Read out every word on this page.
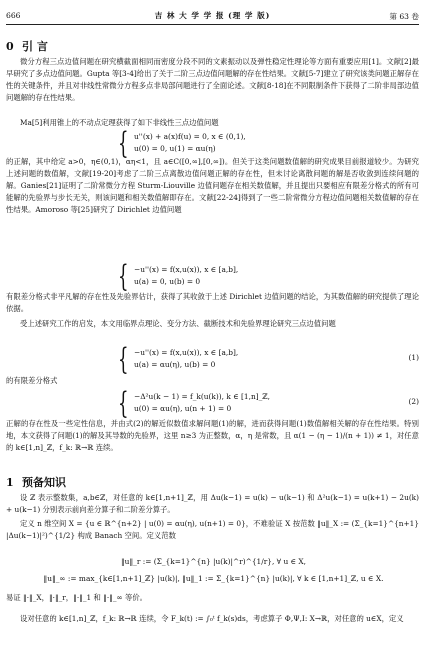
666	吉 林 大 学 学 报 (理 学 版)	第 63 卷
0 引 言

微分方程三点边值问题在研究横截面相同而密度分段不同的文素振动以及弹性稳定性理论等方面有重要应用[1]。文献[2]最早研究了多点边值问题。Gupta 等[3-4]给出了关于二阶三点边值问题解的存在性结果。文献[5-7]建立了研究该类问题正解存在性的关键条件，并且对非线性常微分方程多点非局部问题进行了全面论述。文献[8-18]在不同限制条件下获得了二阶非局部边值问题解的存在性结果。

Ma[5]利用锥上的不动点定理获得了如下非线性三点边值问题

{ u''(x) + a(x)f(u) = 0, x ∈ (0,1),
u(0) = 0, u(1) = αu(η)

的正解，其中给定 a>0，η∈(0,1)，αη<1，且 a∈C([0,∞],[0,∞])。但关于这类问题数值解的研究成果目前报道较少。为研究上述问题的数值解，文献[19-20]考虑了二阶三点离散边值问题正解的存在性，但未讨论离散问题的解是否收敛到连续问题的解。Ganies[21]证明了二阶常微分方程 Sturm-Liouville 边值问题存在相关数值解，并且提出只要相应有限差分格式的所有可能解的先验界与步长无关，则该问题和相关数值解即存在。文献[22-24]得到了一些二阶常微分方程边值问题相关数值解的存在性结果。Amoroso 等[25]研究了 Dirichlet 边值问题

{ −u''(x) = f(x,u(x)), x ∈ [a,b],
u(a) = 0, u(b) = 0

有限差分格式非平凡解的存在性及先验界估计，获得了其收敛于上述 Dirichlet 边值问题的结论，为其数值解的研究提供了理论依据。

受上述研究工作的启发，本文用临界点理论、变分方法、截断技术和先验界理论研究三点边值问题

{ −u''(x) = f(x,u(x)), x ∈ [a,b],
u(a) = αu(η), u(b) = 0
(1)

的有限差分格式

{ −Δ²u(k − 1) = f_k(u(k)), k ∈ [1,n]_ℤ,
u(0) = αu(η), u(n + 1) = 0
(2)

正解的存在性及一些定性信息，并由式(2)的解近似数值求解问题(1)的解，进而获得问题(1)数值解相关解的存在性结果。特别地，本文获得了问题(1)的解及其导数的先验界，这里 n≥3 为正整数，α，η 是常数，且 α(1 − (η − 1)/(n + 1)) ≠ 1，对任意的 k∈[1,n]_ℤ，f_k: ℝ→ℝ 连续。

1 预备知识

设 ℤ 表示整数集，a,b∈ℤ，对任意的 k∈[1,n+1]_ℤ，用 Δu(k−1) = u(k) − u(k−1) 和 Δ²u(k−1) = u(k+1) − 2u(k) + u(k−1) 分别表示前向差分算子和二阶差分算子。

定义 n 维空间 X = {u ∈ ℝ^{n+2} | u(0) = αu(η), u(n+1) = 0}，不难验证 X 按范数 ‖u‖_X := (Σ_{k=1}^{n+1} |Δu(k−1)|²)^{1/2} 构成 Banach 空间。定义范数

‖u‖_r := (Σ_{k=1}^{n} |u(k)|^r)^{1/r}, ∀ u ∈ X,
‖u‖_∞ := max_{k∈[1,n+1]_ℤ} |u(k)|, ‖u‖_1 := Σ_{k=1}^{n} |u(k)|, ∀ k ∈ [1,n+1]_ℤ, u ∈ X.

易证 ‖·‖_X，‖·‖_r，‖·‖_1 和 ‖·‖_∞ 等价。

设对任意的 k∈[1,n]_ℤ，f_k: ℝ→ℝ 连续，令 F_k(t) := ∫₀ᵗ f_k(s)ds，考虑算子 Φ,Ψ,I: X→ℝ，对任意的 u∈X，定义
